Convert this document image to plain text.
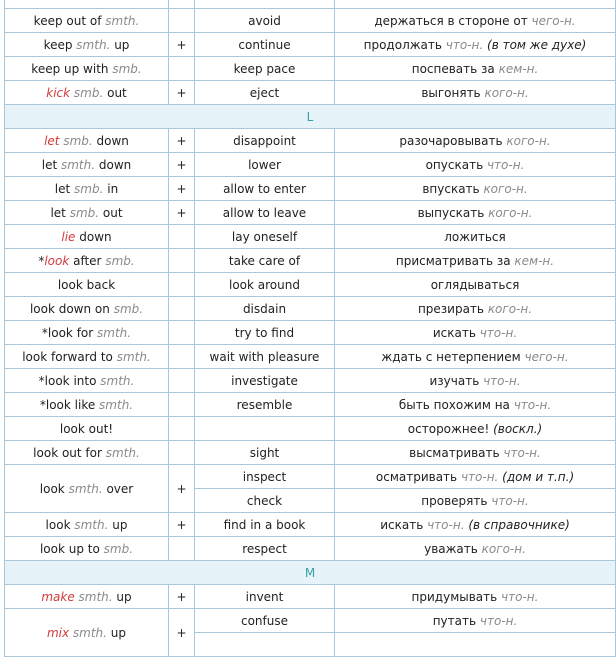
keep out of smth.		avoid	держаться в стороне от чего-н.
keep smth. up	+	continue	продолжать что-н. (в том же духе)
keep up with smb.		keep pace	поспевать за кем-н.
kick smb. out	+	eject	выгонять кого-н.
L			
let smb. down	+	disappoint	разочаровывать кого-н.
let smth. down	+	lower	опускать что-н.
let smb. in	+	allow to enter	впускать кого-н.
let smb. out	+	allow to leave	выпускать кого-н.
lie down		lay oneself	ложиться
*look after smb.		take care of	присматривать за кем-н.
look back		look around	оглядываться
look down on smb.		disdain	презирать кого-н.
*look for smth.		try to find	искать что-н.
look forward to smth.		wait with pleasure	ждать с нетерпением чего-н.
*look into smth.		investigate	изучать что-н.
*look like smth.		resemble	быть похожим на что-н.
look out!			осторожнее! (воскл.)
look out for smth.		sight	высматривать что-н.
look smth. over	+	inspect	осматривать что-н. (дом и т.п.)
		check	проверять что-н.
look smth. up	+	find in a book	искать что-н. (в справочнике)
look up to smb.		respect	уважать кого-н.
M			
make smth. up	+	invent	придумывать что-н.
mix smth. up	+	confuse	путать что-н.
